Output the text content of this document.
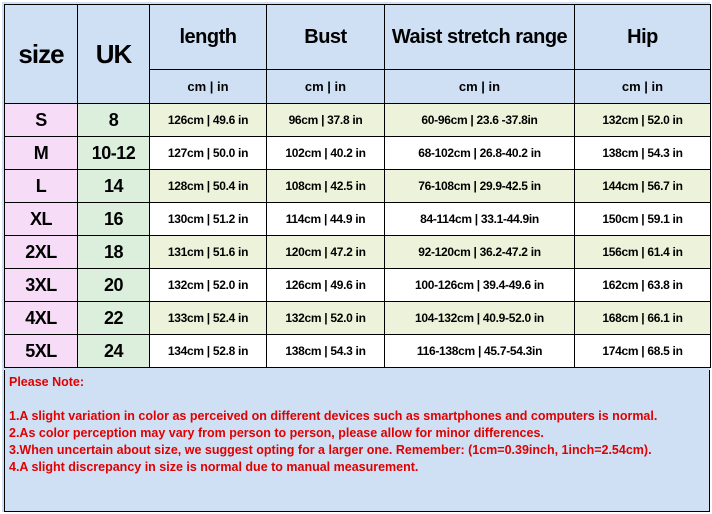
size	UK	length	Bust	Waist stretch range	Hip
		cm | in	cm | in	cm | in	cm | in
S	8	126cm | 49.6 in	96cm | 37.8 in	60-96cm | 23.6 -37.8in	132cm | 52.0 in
M	10-12	127cm | 50.0 in	102cm | 40.2 in	68-102cm | 26.8-40.2 in	138cm | 54.3 in
L	14	128cm | 50.4 in	108cm | 42.5 in	76-108cm | 29.9-42.5 in	144cm | 56.7 in
XL	16	130cm | 51.2 in	114cm | 44.9 in	84-114cm | 33.1-44.9in	150cm | 59.1 in
2XL	18	131cm | 51.6 in	120cm | 47.2 in	92-120cm | 36.2-47.2 in	156cm | 61.4 in
3XL	20	132cm | 52.0 in	126cm | 49.6 in	100-126cm | 39.4-49.6 in	162cm | 63.8 in
4XL	22	133cm | 52.4 in	132cm | 52.0 in	104-132cm | 40.9-52.0 in	168cm | 66.1 in
5XL	24	134cm | 52.8 in	138cm | 54.3 in	116-138cm | 45.7-54.3in	174cm | 68.5 in
Please Note:
1.A slight variation in color as perceived on different devices such as smartphones and computers is normal.
2.As color perception may vary from person to person, please allow for minor differences.
3.When uncertain about size, we suggest opting for a larger one. Remember: (1cm=0.39inch, 1inch=2.54cm).
4.A slight discrepancy in size is normal due to manual measurement.
